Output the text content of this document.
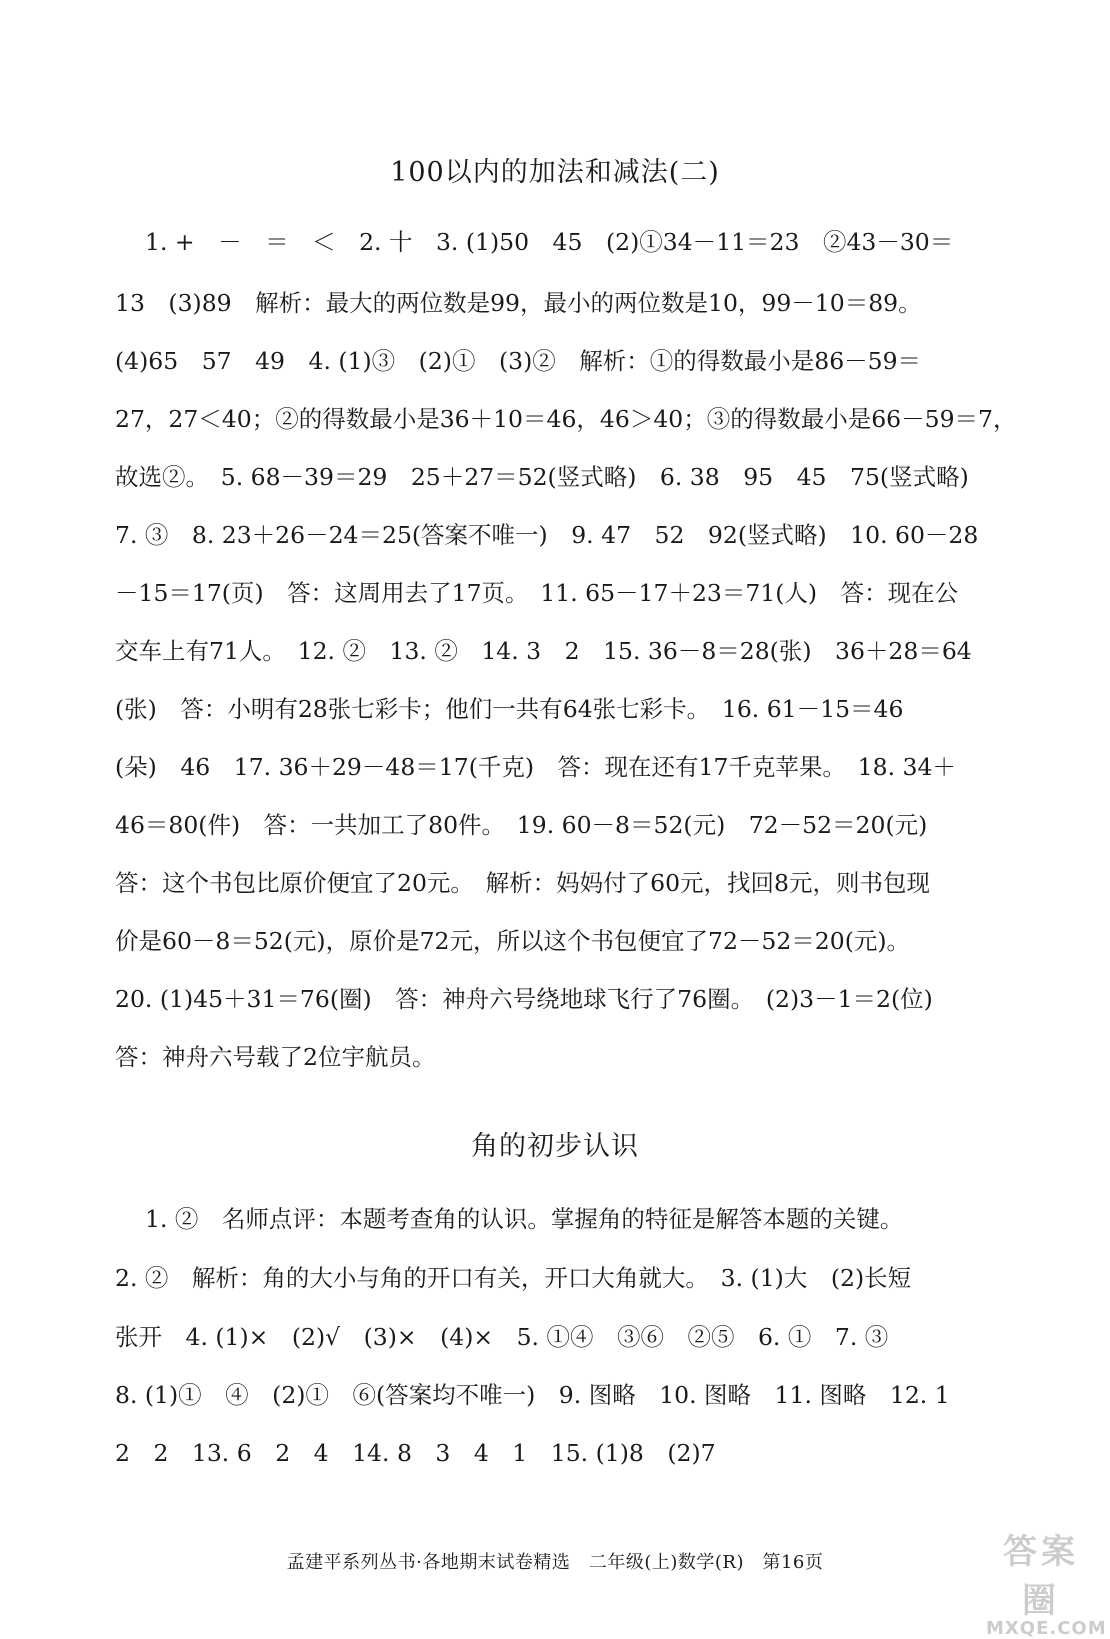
100以内的加法和减法(二)
1. +　－　＝　＜　2. 十　3. (1)50　45　(2)①34－11＝23　②43－30＝
13　(3)89　解析：最大的两位数是99，最小的两位数是10，99－10＝89。
(4)65　57　49　4. (1)③　(2)①　(3)②　解析：①的得数最小是86－59＝
27，27＜40；②的得数最小是36＋10＝46，46＞40；③的得数最小是66－59＝7，
故选②。　5. 68－39＝29　25＋27＝52(竖式略)　6. 38　95　45　75(竖式略)
7. ③　8. 23＋26－24＝25(答案不唯一)　9. 47　52　92(竖式略)　10. 60－28
－15＝17(页)　答：这周用去了17页。　11. 65－17＋23＝71(人)　答：现在公
交车上有71人。　12. ②　13. ②　14. 3　2　15. 36－8＝28(张)　36＋28＝64
(张)　答：小明有28张七彩卡；他们一共有64张七彩卡。　16. 61－15＝46
(朵)　46　17. 36＋29－48＝17(千克)　答：现在还有17千克苹果。　18. 34＋
46＝80(件)　答：一共加工了80件。　19. 60－8＝52(元)　72－52＝20(元)
答：这个书包比原价便宜了20元。　解析：妈妈付了60元，找回8元，则书包现
价是60－8＝52(元)，原价是72元，所以这个书包便宜了72－52＝20(元)。
20. (1)45＋31＝76(圈)　答：神舟六号绕地球飞行了76圈。　(2)3－1＝2(位)
答：神舟六号载了2位宇航员。
角的初步认识
1. ②　名师点评：本题考查角的认识。掌握角的特征是解答本题的关键。
2. ②　解析：角的大小与角的开口有关，开口大角就大。　3. (1)大　(2)长短
张开　4. (1)×　(2)√　(3)×　(4)×　5. ①④　③⑥　②⑤　6. ①　7. ③
8. (1)①　④　(2)①　⑥(答案均不唯一)　9. 图略　10. 图略　11. 图略　12. 1
2　2　13. 6　2　4　14. 8　3　4　1　15. (1)8　(2)7
孟建平系列丛书·各地期末试卷精选　二年级(上)数学(R)　第16页	答案圈
MXQE.COM
